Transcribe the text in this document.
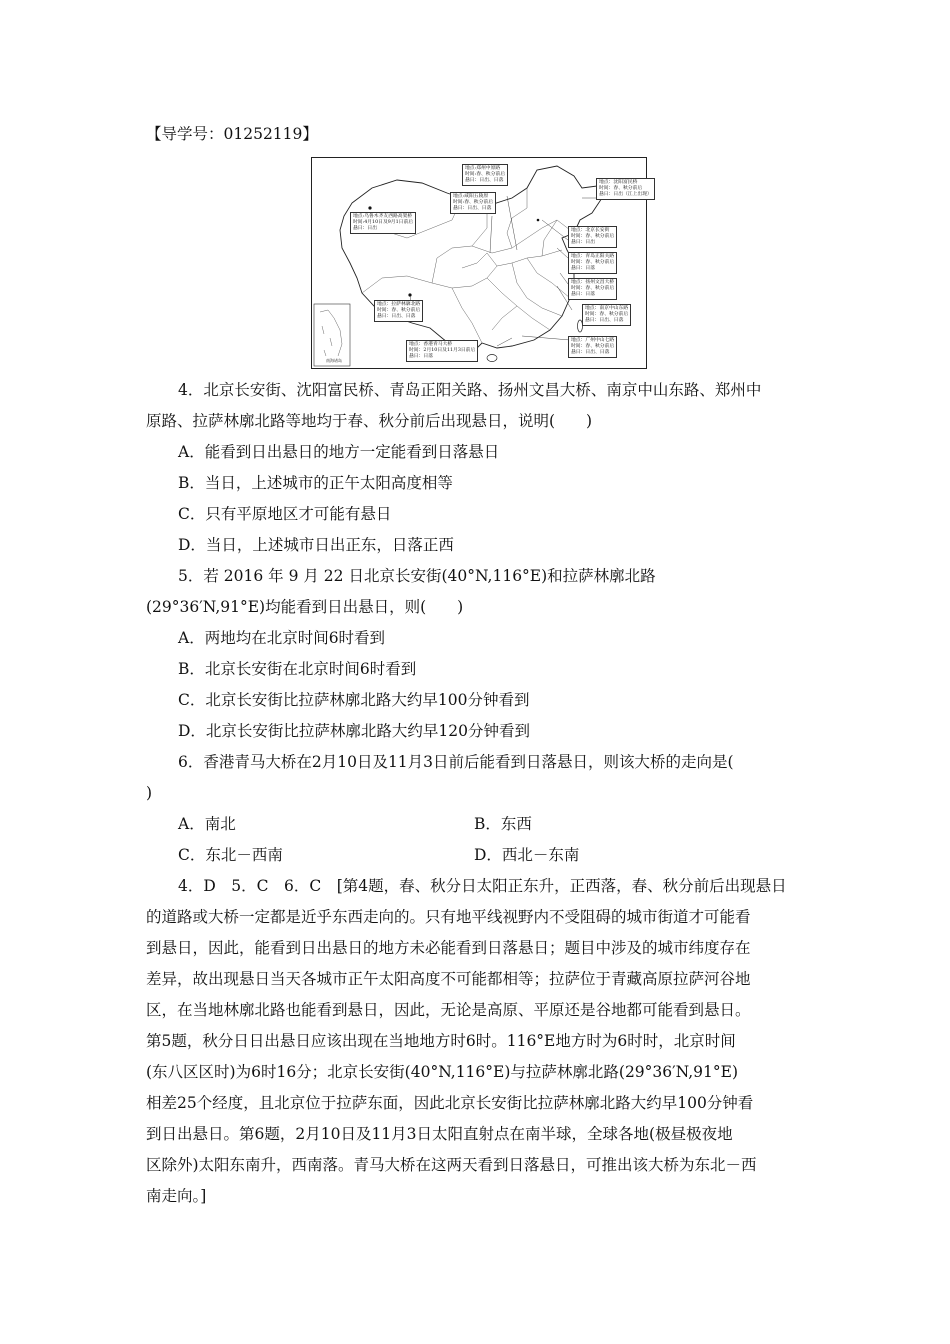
【导学号：01252119】
南海诸岛
地点:郑州中原路
时间:春、秋分前后
悬日：日出、日落
地点:咸阳五陵原
时间:春、秋分前后
悬日：日出、日落
地点:乌鲁木齐友西路高架桥
时间:4月10日及9月1日前后
悬日：日出
地点：沈阳富民桥
时间：春、秋分前后
悬日：日出（江上出现）
地点：北京长安街
时间：春、秋分前后
悬日：日出
地点：青岛正阳关路
时间：春、秋分前后
悬日：日落
地点：扬州文昌大桥
时间：春、秋分前后
悬日：日落
地点：拉萨林廓北路
时间：春、秋分前后
悬日：日出、日落
地点：南京中山东路
时间：春、秋分前后
悬日：日出、日落
地点：香港青马大桥
时间：2月10日及11月3日前后
悬日：日落
地点：广州中山七路
时间：春、秋分前后
悬日：日出、日落
4．北京长安街、沈阳富民桥、青岛正阳关路、扬州文昌大桥、南京中山东路、郑州中
原路、拉萨林廓北路等地均于春、秋分前后出现悬日，说明(　　)
A．能看到日出悬日的地方一定能看到日落悬日
B．当日，上述城市的正午太阳高度相等
C．只有平原地区才可能有悬日
D．当日，上述城市日出正东，日落正西
5．若 2016 年 9 月 22 日北京长安街(40°N,116°E)和拉萨林廓北路
(29°36′N,91°E)均能看到日出悬日，则(　　)
A．两地均在北京时间6时看到
B．北京长安街在北京时间6时看到
C．北京长安街比拉萨林廓北路大约早100分钟看到
D．北京长安街比拉萨林廓北路大约早120分钟看到
6．香港青马大桥在2月10日及11月3日前后能看到日落悬日，则该大桥的走向是(
)
A．南北	B．东西
C．东北－西南	D．西北－东南
4．D　5．C　6．C　[第4题，春、秋分日太阳正东升，正西落，春、秋分前后出现悬日
的道路或大桥一定都是近乎东西走向的。只有地平线视野内不受阻碍的城市街道才可能看
到悬日，因此，能看到日出悬日的地方未必能看到日落悬日；题目中涉及的城市纬度存在
差异，故出现悬日当天各城市正午太阳高度不可能都相等；拉萨位于青藏高原拉萨河谷地
区，在当地林廓北路也能看到悬日，因此，无论是高原、平原还是谷地都可能看到悬日。
第5题，秋分日日出悬日应该出现在当地地方时6时。116°E地方时为6时时，北京时间
(东八区区时)为6时16分；北京长安街(40°N,116°E)与拉萨林廓北路(29°36′N,91°E)
相差25个经度，且北京位于拉萨东面，因此北京长安街比拉萨林廓北路大约早100分钟看
到日出悬日。第6题，2月10日及11月3日太阳直射点在南半球，全球各地(极昼极夜地
区除外)太阳东南升，西南落。青马大桥在这两天看到日落悬日，可推出该大桥为东北－西
南走向。]
